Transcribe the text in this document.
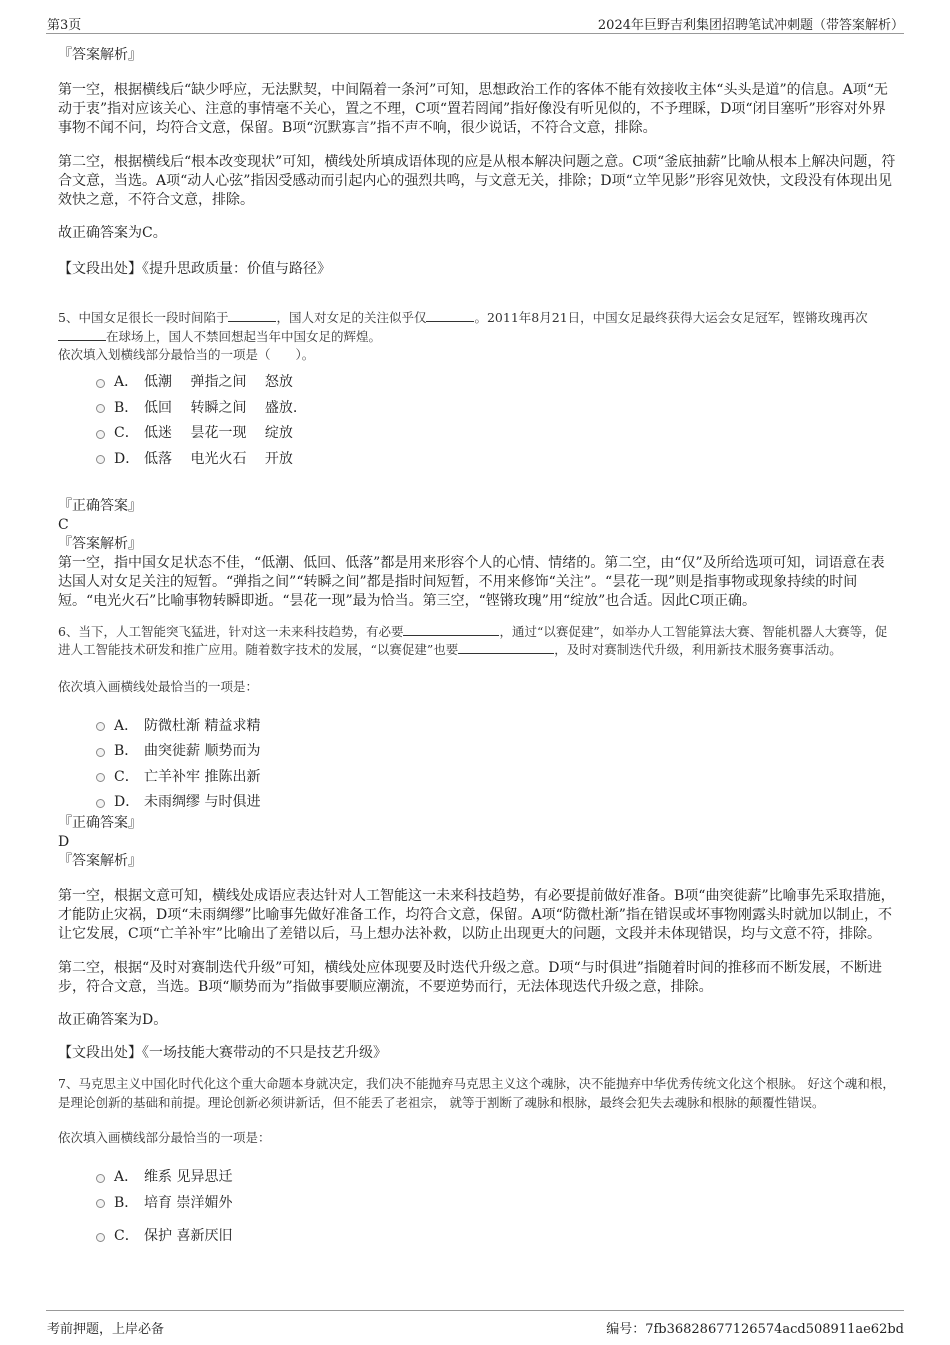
第3页	2024年巨野吉利集团招聘笔试冲刺题（带答案解析）

『答案解析』

第一空，根据横线后“缺少呼应，无法默契，中间隔着一条河”可知，思想政治工作的客体不能有效接收主体“头头是道”的信息。A项“无动于衷”指对应该关心、注意的事情毫不关心，置之不理，C项“置若罔闻”指好像没有听见似的，不予理睬，D项“闭目塞听”形容对外界事物不闻不问，均符合文意，保留。B项“沉默寡言”指不声不响，很少说话，不符合文意，排除。

第二空，根据横线后“根本改变现状”可知，横线处所填成语体现的应是从根本解决问题之意。C项“釜底抽薪”比喻从根本上解决问题，符合文意，当选。A项“动人心弦”指因受感动而引起内心的强烈共鸣，与文意无关，排除；D项“立竿见影”形容见效快，文段没有体现出见效快之意，不符合文意，排除。

故正确答案为C。

【文段出处】《提升思政质量：价值与路径》

5、中国女足很长一段时间陷于	，国人对女足的关注似乎仅	。2011年8月21日，中国女足最终获得大运会女足冠军，铿锵玫瑰再次在球场上，国人不禁回想起当年中国女足的辉煌。

依次填入划横线部分最恰当的一项是（　　）。

A． 低潮　 弹指之间　 怒放
B． 低回　 转瞬之间　 盛放.
C． 低迷　 昙花一现　 绽放
D． 低落　 电光火石　 开放

『正确答案』

C

『答案解析』

第一空，指中国女足状态不佳，“低潮、低回、低落”都是用来形容个人的心情、情绪的。第二空，由“仅”及所给选项可知，词语意在表达国人对女足关注的短暂。“弹指之间”“转瞬之间”都是指时间短暂，不用来修饰“关注”。“昙花一现”则是指事物或现象持续的时间短。“电光火石”比喻事物转瞬即逝。“昙花一现”最为恰当。第三空，“铿锵玫瑰”用“绽放”也合适。因此C项正确。

6、当下，人工智能突飞猛进，针对这一未来科技趋势，有必要	，通过“以赛促建”，如举办人工智能算法大赛、智能机器人大赛等，促进人工智能技术研发和推广应用。随着数字技术的发展，“以赛促建”也要	，及时对赛制迭代升级，利用新技术服务赛事活动。

依次填入画横线处最恰当的一项是：

A． 防微杜渐 精益求精
B． 曲突徙薪 顺势而为
C． 亡羊补牢 推陈出新
D． 未雨绸缪 与时俱进

『正确答案』

D

『答案解析』

第一空，根据文意可知，横线处成语应表达针对人工智能这一未来科技趋势，有必要提前做好准备。B项“曲突徙薪”比喻事先采取措施，才能防止灾祸，D项“未雨绸缪”比喻事先做好准备工作，均符合文意，保留。A项“防微杜渐”指在错误或坏事物刚露头时就加以制止，不让它发展，C项“亡羊补牢”比喻出了差错以后，马上想办法补救，以防止出现更大的问题，文段并未体现错误，均与文意不符，排除。

第二空，根据“及时对赛制迭代升级”可知，横线处应体现要及时迭代升级之意。D项“与时俱进”指随着时间的推移而不断发展，不断进步，符合文意，当选。B项“顺势而为”指做事要顺应潮流，不要逆势而行，无法体现迭代升级之意，排除。

故正确答案为D。

【文段出处】《一场技能大赛带动的不只是技艺升级》

7、马克思主义中国化时代化这个重大命题本身就决定，我们决不能抛弃马克思主义这个魂脉，决不能抛弃中华优秀传统文化这个根脉。 好这个魂和根，是理论创新的基础和前提。理论创新必须讲新话，但不能丢了老祖宗， 就等于割断了魂脉和根脉，最终会犯失去魂脉和根脉的颠覆性错误。

依次填入画横线部分最恰当的一项是：

A． 维系 见异思迁
B． 培育 崇洋媚外
C． 保护 喜新厌旧
考前押题，上岸必备	编号：7fb3682867712​6574acd508911ae62bd
